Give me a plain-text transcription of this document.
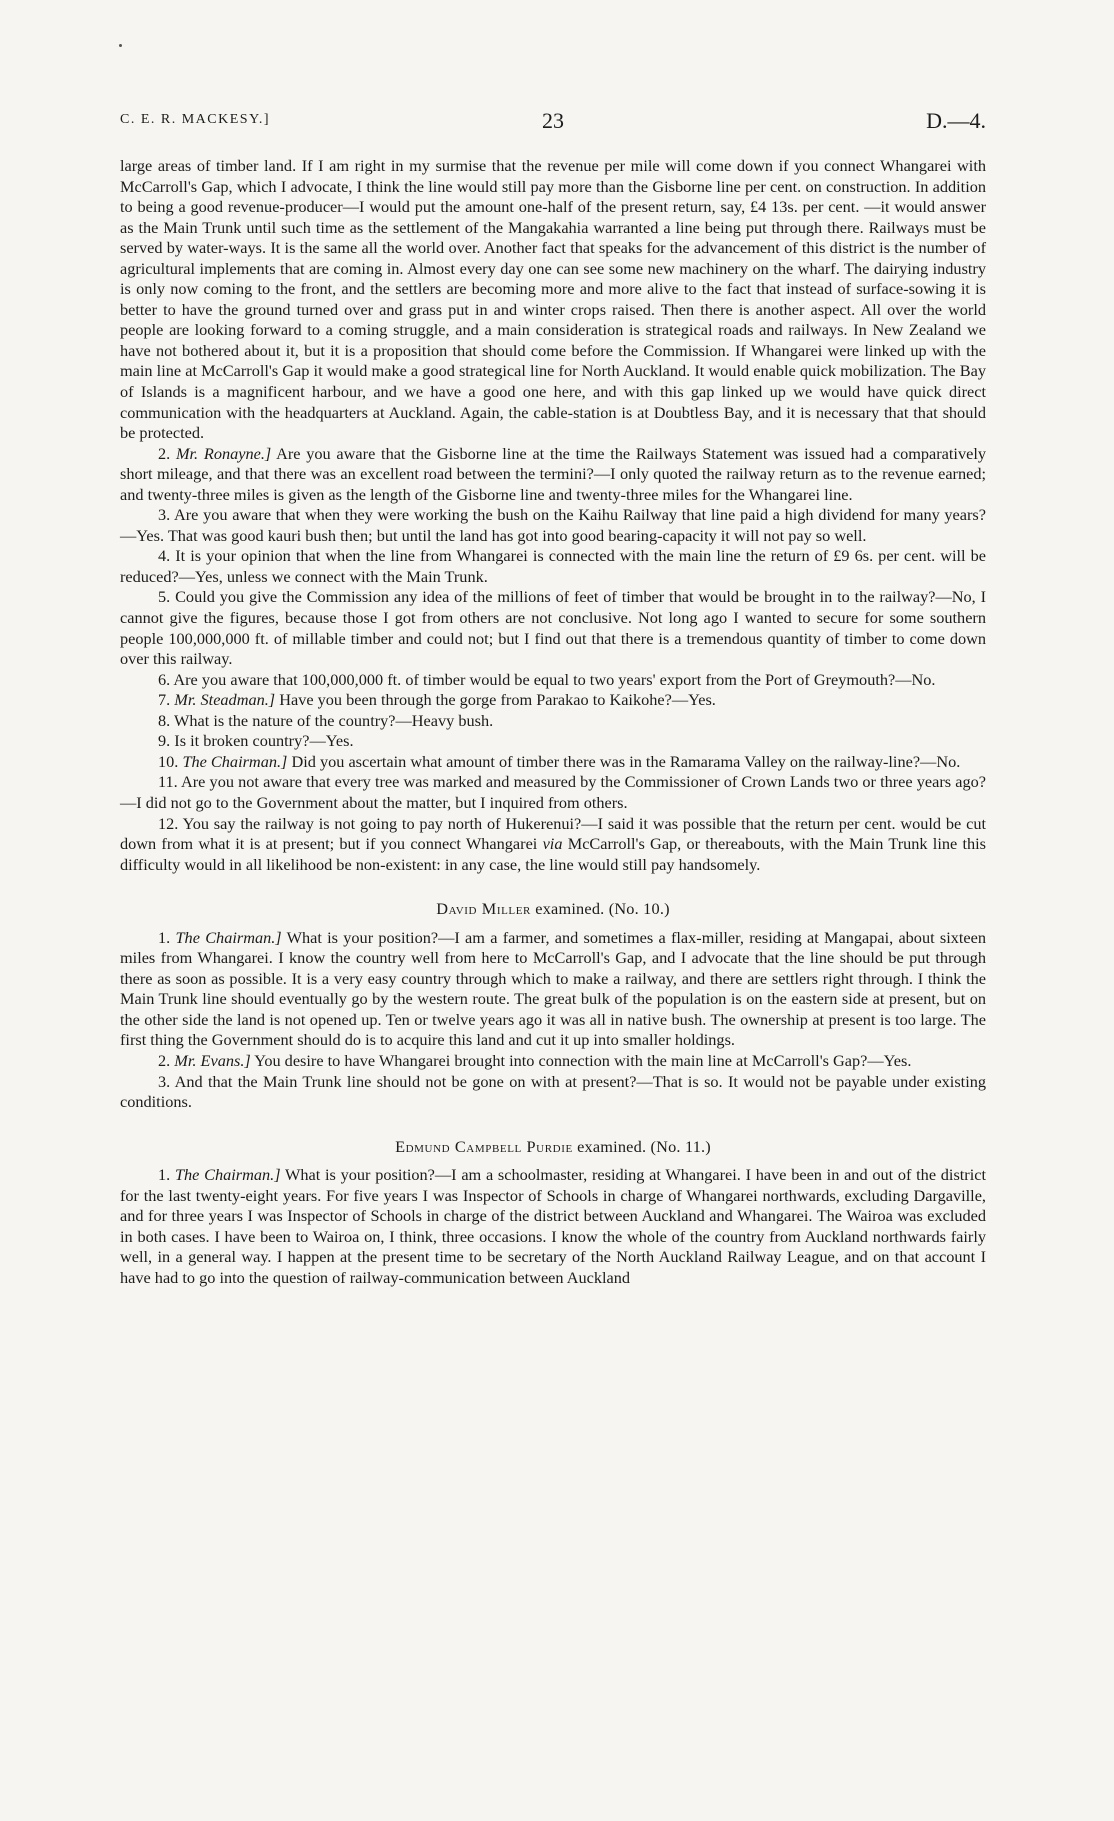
C. E. R. MACKESY.]	23	D.—4.

large areas of timber land. If I am right in my surmise that the revenue per mile will come down if you connect Whangarei with McCarroll's Gap, which I advocate, I think the line would still pay more than the Gisborne line per cent. on construction. In addition to being a good revenue-producer—I would put the amount one-half of the present return, say, £4 13s. per cent. —it would answer as the Main Trunk until such time as the settlement of the Mangakahia warranted a line being put through there. Railways must be served by water-ways. It is the same all the world over. Another fact that speaks for the advancement of this district is the number of agricultural implements that are coming in. Almost every day one can see some new machinery on the wharf. The dairying industry is only now coming to the front, and the settlers are becoming more and more alive to the fact that instead of surface-sowing it is better to have the ground turned over and grass put in and winter crops raised. Then there is another aspect. All over the world people are looking forward to a coming struggle, and a main consideration is strategical roads and railways. In New Zealand we have not bothered about it, but it is a proposition that should come before the Commission. If Whangarei were linked up with the main line at McCarroll's Gap it would make a good strategical line for North Auckland. It would enable quick mobilization. The Bay of Islands is a magnificent harbour, and we have a good one here, and with this gap linked up we would have quick direct communication with the headquarters at Auckland. Again, the cable-station is at Doubtless Bay, and it is necessary that that should be protected.

2. Mr. Ronayne.] Are you aware that the Gisborne line at the time the Railways Statement was issued had a comparatively short mileage, and that there was an excellent road between the termini?—I only quoted the railway return as to the revenue earned; and twenty-three miles is given as the length of the Gisborne line and twenty-three miles for the Whangarei line.

3. Are you aware that when they were working the bush on the Kaihu Railway that line paid a high dividend for many years?—Yes. That was good kauri bush then; but until the land has got into good bearing-capacity it will not pay so well.

4. It is your opinion that when the line from Whangarei is connected with the main line the return of £9 6s. per cent. will be reduced?—Yes, unless we connect with the Main Trunk.

5. Could you give the Commission any idea of the millions of feet of timber that would be brought in to the railway?—No, I cannot give the figures, because those I got from others are not conclusive. Not long ago I wanted to secure for some southern people 100,000,000 ft. of millable timber and could not; but I find out that there is a tremendous quantity of timber to come down over this railway.

6. Are you aware that 100,000,000 ft. of timber would be equal to two years' export from the Port of Greymouth?—No.

7. Mr. Steadman.] Have you been through the gorge from Parakao to Kaikohe?—Yes.

8. What is the nature of the country?—Heavy bush.

9. Is it broken country?—Yes.

10. The Chairman.] Did you ascertain what amount of timber there was in the Ramarama Valley on the railway-line?—No.

11. Are you not aware that every tree was marked and measured by the Commissioner of Crown Lands two or three years ago?—I did not go to the Government about the matter, but I inquired from others.

12. You say the railway is not going to pay north of Hukerenui?—I said it was possible that the return per cent. would be cut down from what it is at present; but if you connect Whangarei via McCarroll's Gap, or thereabouts, with the Main Trunk line this difficulty would in all likelihood be non-existent: in any case, the line would still pay handsomely.

David Miller examined. (No. 10.)

1. The Chairman.] What is your position?—I am a farmer, and sometimes a flax-miller, residing at Mangapai, about sixteen miles from Whangarei. I know the country well from here to McCarroll's Gap, and I advocate that the line should be put through there as soon as possible. It is a very easy country through which to make a railway, and there are settlers right through. I think the Main Trunk line should eventually go by the western route. The great bulk of the population is on the eastern side at present, but on the other side the land is not opened up. Ten or twelve years ago it was all in native bush. The ownership at present is too large. The first thing the Government should do is to acquire this land and cut it up into smaller holdings.

2. Mr. Evans.] You desire to have Whangarei brought into connection with the main line at McCarroll's Gap?—Yes.

3. And that the Main Trunk line should not be gone on with at present?—That is so. It would not be payable under existing conditions.

Edmund Campbell Purdie examined. (No. 11.)

1. The Chairman.] What is your position?—I am a schoolmaster, residing at Whangarei. I have been in and out of the district for the last twenty-eight years. For five years I was Inspector of Schools in charge of Whangarei northwards, excluding Dargaville, and for three years I was Inspector of Schools in charge of the district between Auckland and Whangarei. The Wairoa was excluded in both cases. I have been to Wairoa on, I think, three occasions. I know the whole of the country from Auckland northwards fairly well, in a general way. I happen at the present time to be secretary of the North Auckland Railway League, and on that account I have had to go into the question of railway-communication between Auckland
